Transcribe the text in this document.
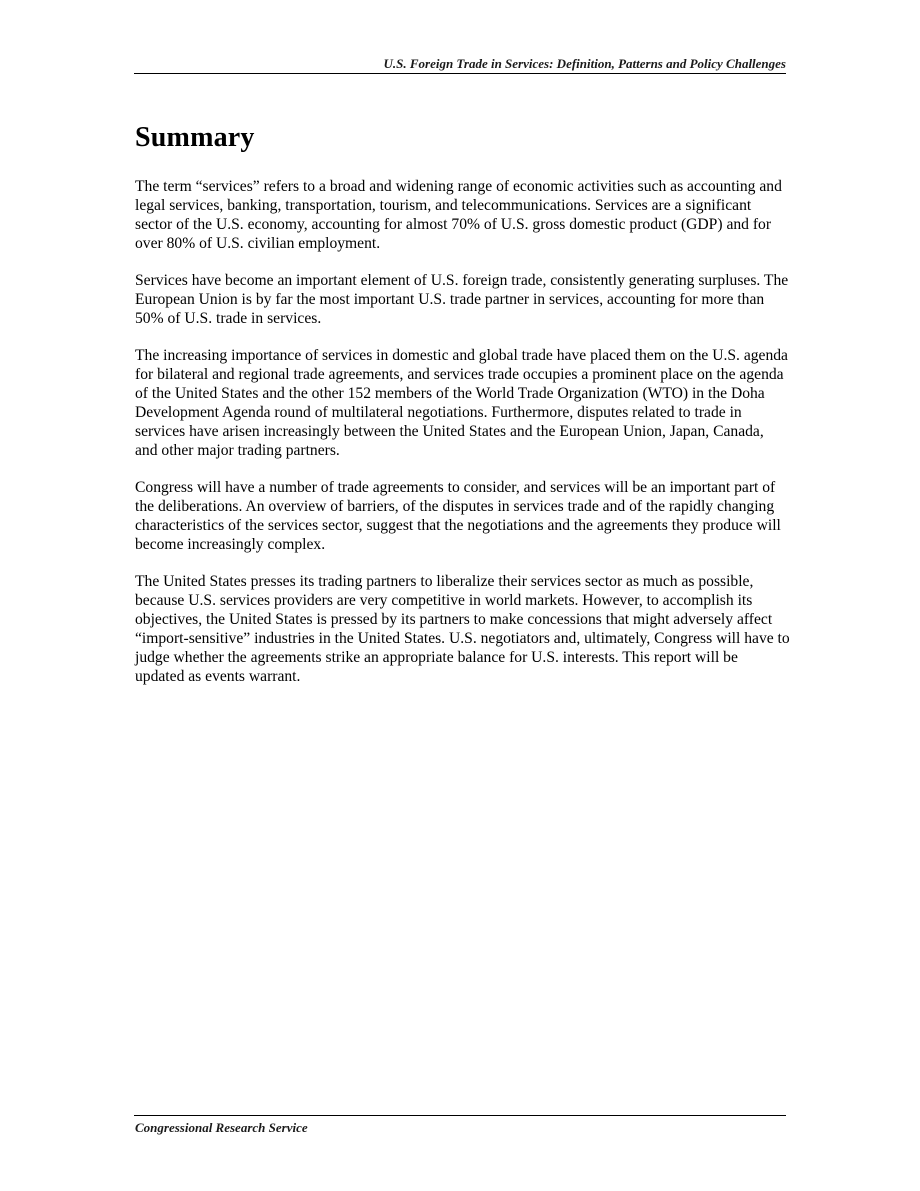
U.S. Foreign Trade in Services: Definition, Patterns and Policy Challenges
Summary

The term “services” refers to a broad and widening range of economic activities such as accounting and legal services, banking, transportation, tourism, and telecommunications. Services are a significant sector of the U.S. economy, accounting for almost 70% of U.S. gross domestic product (GDP) and for over 80% of U.S. civilian employment.

Services have become an important element of U.S. foreign trade, consistently generating surpluses. The European Union is by far the most important U.S. trade partner in services, accounting for more than 50% of U.S. trade in services.

The increasing importance of services in domestic and global trade have placed them on the U.S. agenda for bilateral and regional trade agreements, and services trade occupies a prominent place on the agenda of the United States and the other 152 members of the World Trade Organization (WTO) in the Doha Development Agenda round of multilateral negotiations. Furthermore, disputes related to trade in services have arisen increasingly between the United States and the European Union, Japan, Canada, and other major trading partners.

Congress will have a number of trade agreements to consider, and services will be an important part of the deliberations. An overview of barriers, of the disputes in services trade and of the rapidly changing characteristics of the services sector, suggest that the negotiations and the agreements they produce will become increasingly complex.

The United States presses its trading partners to liberalize their services sector as much as possible, because U.S. services providers are very competitive in world markets. However, to accomplish its objectives, the United States is pressed by its partners to make concessions that might adversely affect “import-sensitive” industries in the United States. U.S. negotiators and, ultimately, Congress will have to judge whether the agreements strike an appropriate balance for U.S. interests. This report will be updated as events warrant.

Congressional Research Service
